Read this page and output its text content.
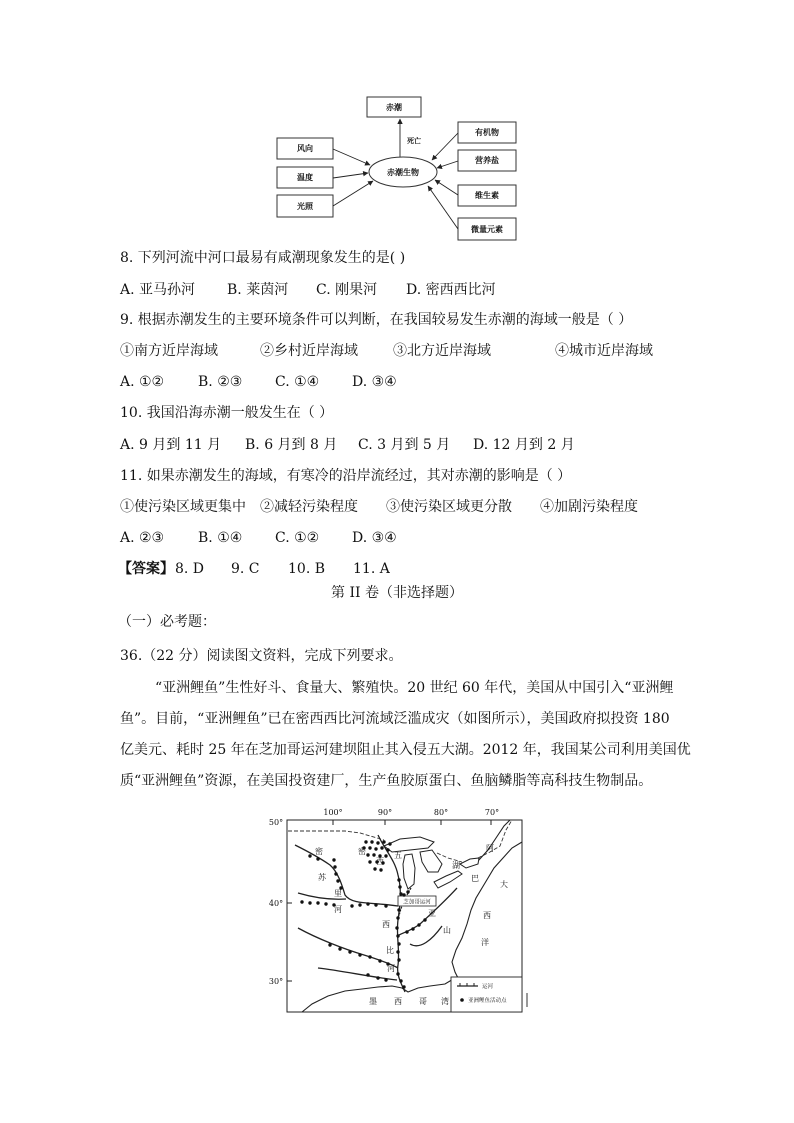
赤潮
死亡
赤潮生物
风向
温度
光照
有机物
营养盐
维生素
微量元素
8. 下列河流中河口最易有咸潮现象发生的是( )
A. 亚马孙河 B. 莱茵河 C. 刚果河 D. 密西西比河
9. 根据赤潮发生的主要环境条件可以判断，在我国较易发生赤潮的海域一般是（ ）
①南方近岸海域	②乡村近岸海域	③北方近岸海域	④城市近岸海域
A. ①② B. ②③ C. ①④ D. ③④
10. 我国沿海赤潮一般发生在（ ）
A. 9 月到 11 月 B. 6 月到 8 月 C. 3 月到 5 月 D. 12 月到 2 月
11. 如果赤潮发生的海域，有寒冷的沿岸流经过，其对赤潮的影响是（ ）
①使污染区域更集中 ②减轻污染程度 ③使污染区域更分散 ④加剧污染程度
A. ②③ B. ①④ C. ①② D. ③④
【答案】 8. D 9. C 10. B 11. A
第 II 卷（非选择题）
（一）必考题：
36.（22 分）阅读图文资料，完成下列要求。
“亚洲鲤鱼”生性好斗、食量大、繁殖快。20 世纪 60 年代，美国从中国引入“亚洲鲤
鱼”。目前，“亚洲鲤鱼”已在密西西比河流域泛滥成灾（如图所示），美国政府拟投资 180
亿美元、耗时 25 年在芝加哥运河建坝阻止其入侵五大湖。2012 年，我国某公司利用美国优
质“亚洲鲤鱼”资源，在美国投资建厂，生产鱼胶原蛋白、鱼脑鳞脂等高科技生物制品。
100°	90°	80°	70°
50°
40°
30°
芝加哥运河
密
苏
里
河
密
西
西
比
河
五
湖
阿
巴
亚
山
大
西
洋
墨 西 哥 湾
运河
亚洲鲤鱼活动点
